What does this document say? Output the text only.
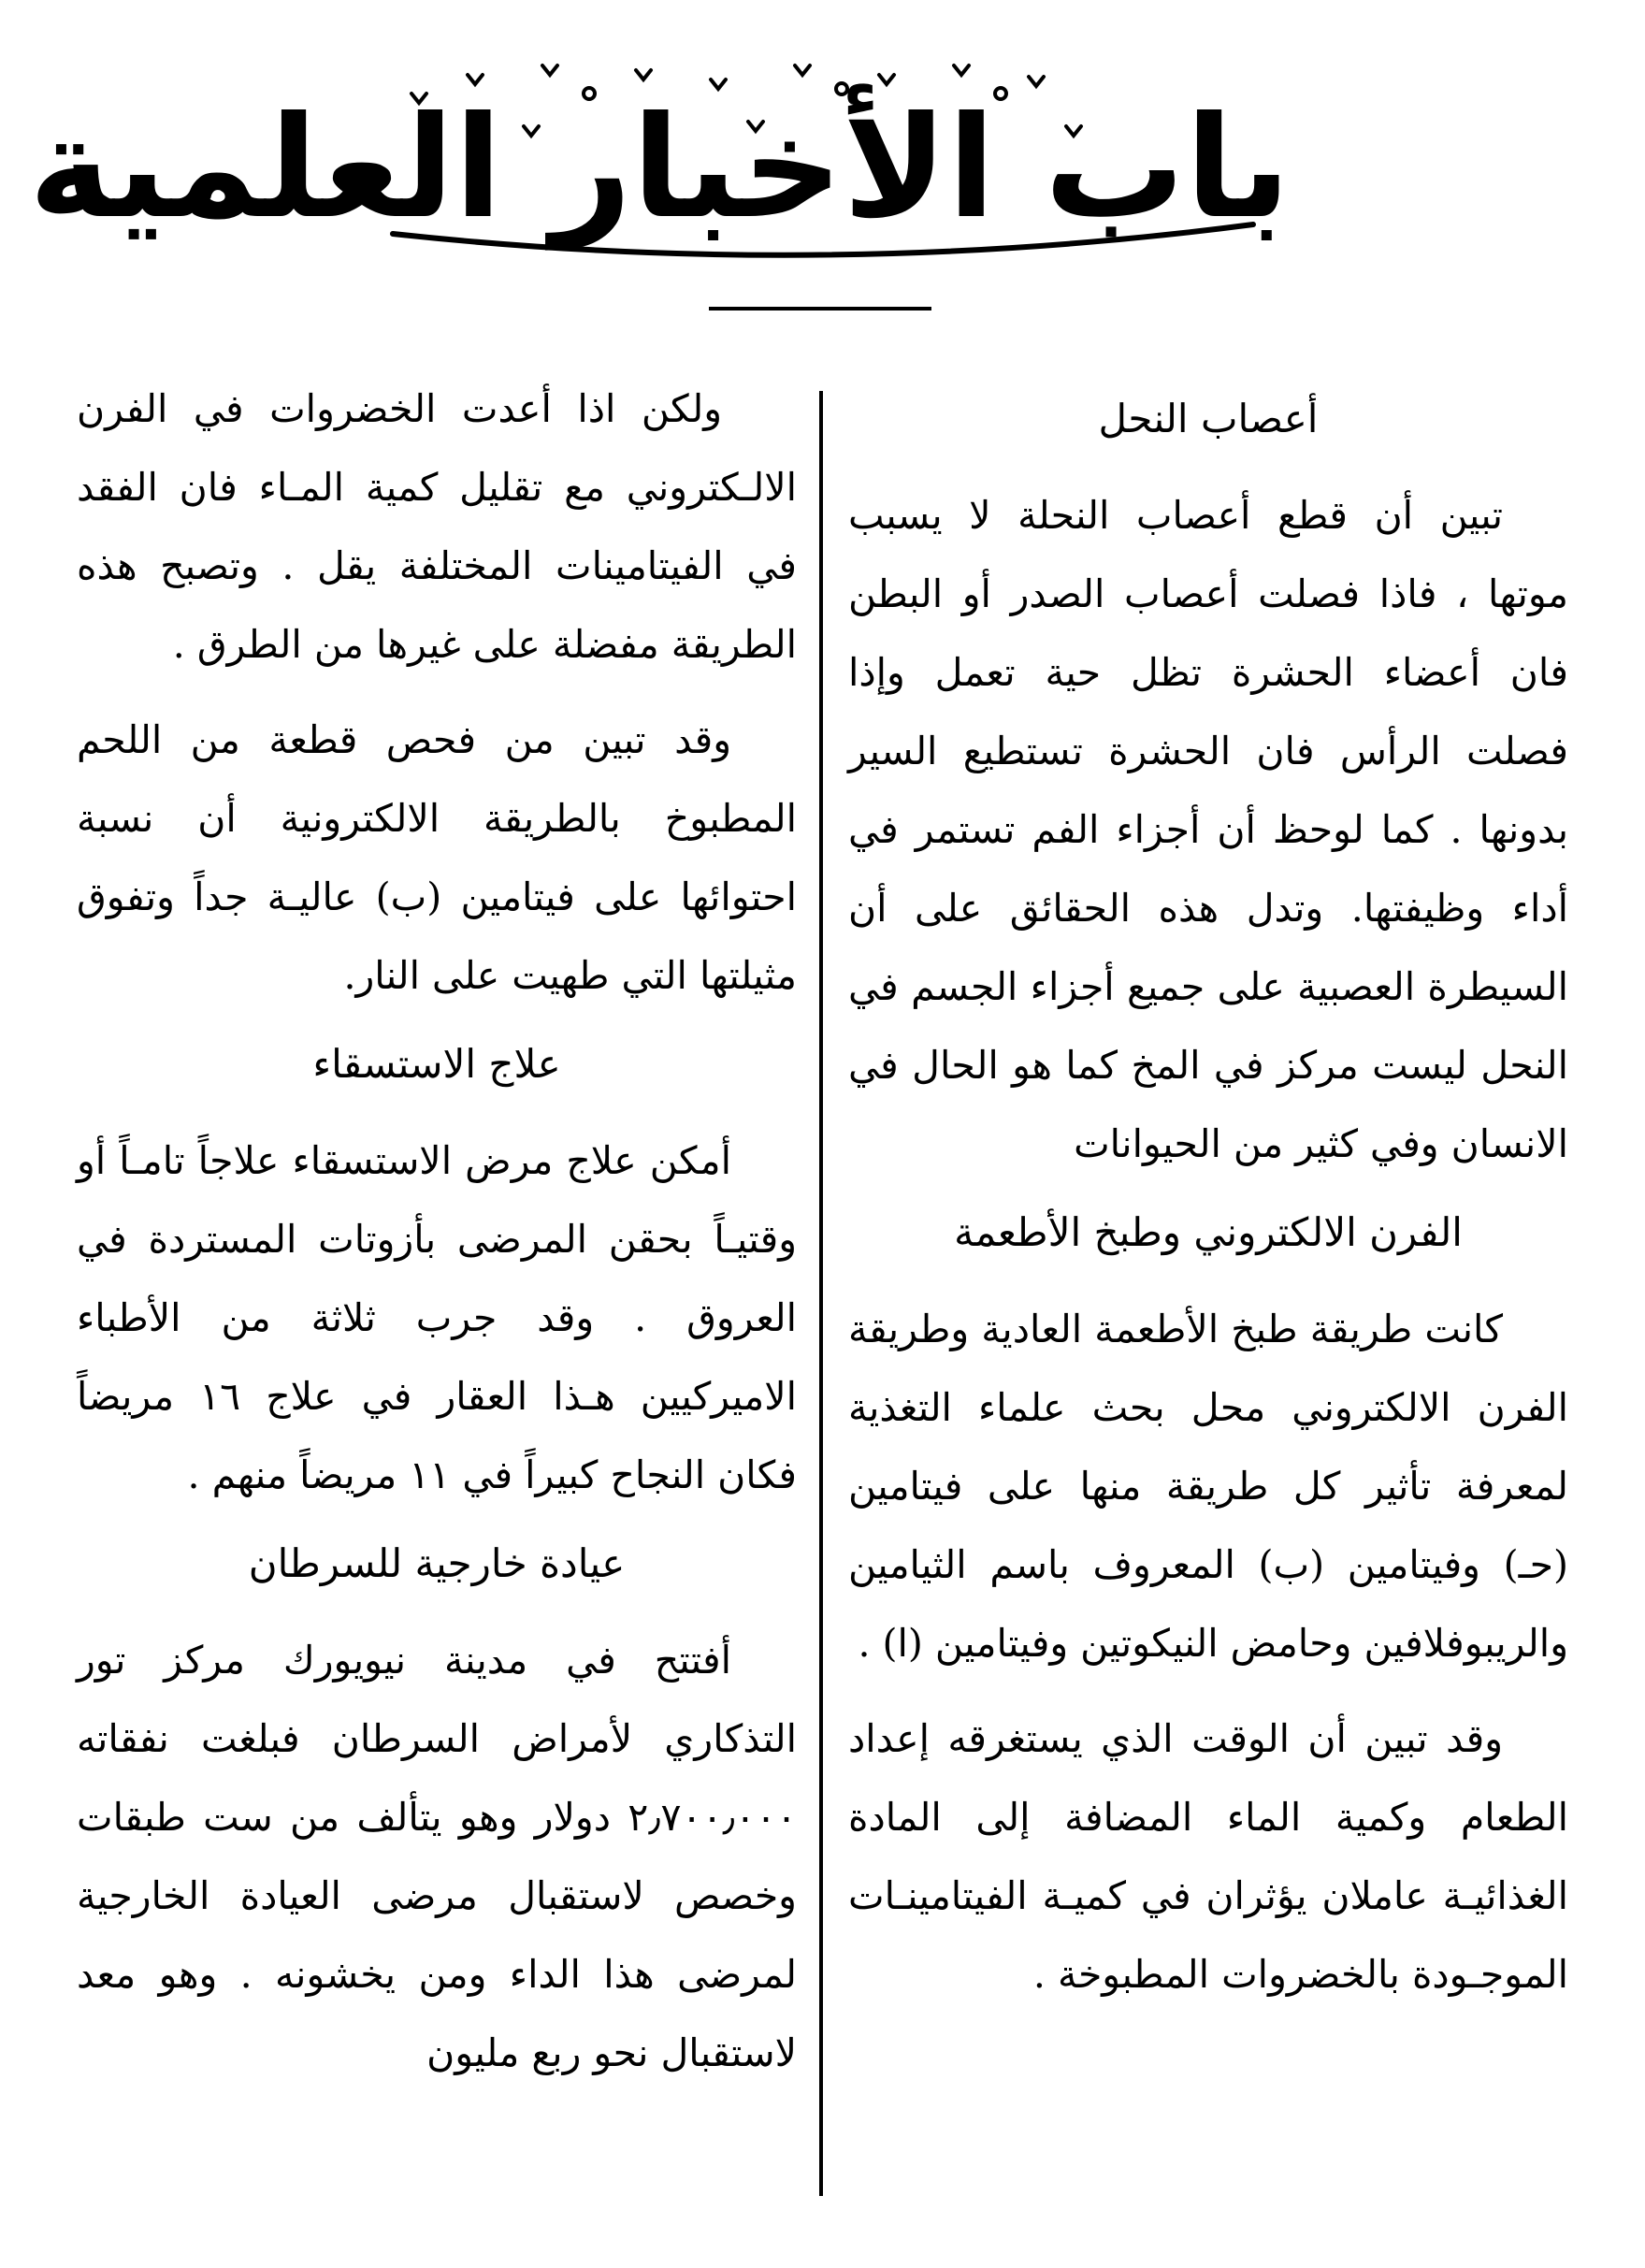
باب الأخبار العلمية
أعصاب النحل

تبين أن قطع أعصاب النحلة لا يسبب موتها ، فاذا فصلت أعصاب الصدر أو البطن فان أعضاء الحشرة تظل حية تعمل وإذا فصلت الرأس فان الحشرة تستطيع السير بدونها . كما لوحظ أن أجزاء الفم تستمر في أداء وظيفتها. وتدل هذه الحقائق على أن السيطرة العصبية على جميع أجزاء الجسم في النحل ليست مركز في المخ كما هو الحال في الانسان وفي كثير من الحيوانات

الفرن الالكتروني وطبخ الأطعمة

كانت طريقة طبخ الأطعمة العادية وطريقة الفرن الالكتروني محل بحث علماء التغذية لمعرفة تأثير كل طريقة منها على فيتامين (حـ) وفيتامين (ب) المعروف باسم الثيامين والريبوفلافين وحامض النيكوتين وفيتامين (ا) .

وقد تبين أن الوقت الذي يستغرقه إعداد الطعام وكمية الماء المضافة إلى المادة الغذائيـة عاملان يؤثران في كميـة الفيتامينـات الموجـودة بالخضروات المطبوخة .

ولكن اذا أعدت الخضروات في الفرن الالـكتروني مع تقليل كمية المـاء فان الفقد في الفيتامينات المختلفة يقل . وتصبح هذه الطريقة مفضلة على غيرها من الطرق .

وقد تبين من فحص قطعة من اللحم المطبوخ بالطريقة الالكترونية أن نسبة احتوائها على فيتامين (ب) عاليـة جداً وتفوق مثيلتها التي طهيت على النار.

علاج الاستسقاء

أمكن علاج مرض الاستسقاء علاجاً تامـاً أو وقتيـاً بحقن المرضى بأزوتات المستردة في العروق . وقد جرب ثلاثة من الأطباء الاميركيين هـذا العقار في علاج ١٦ مريضاً فكان النجاح كبيراً في ١١ مريضاً منهم .

عيادة خارجية للسرطان

أفتتح في مدينة نيويورك مركز تور التذكاري لأمراض السرطان فبلغت نفقاته ٢٫٧٠٠٫٠٠٠ دولار وهو يتألف من ست طبقات وخصص لاستقبال مرضى العيادة الخارجية لمرضى هذا الداء ومن يخشونه . وهو معد لاستقبال نحو ربع مليون
